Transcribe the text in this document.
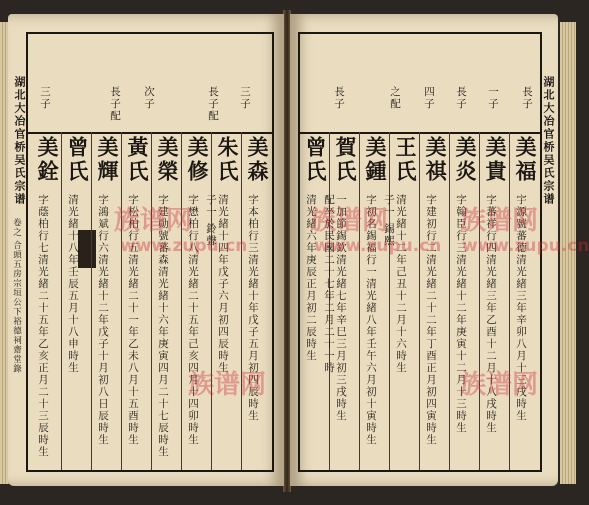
湖北大冶官桥吴氏宗谱
卷之 合頭五房宗垣公下裕德祠齋堂錄
三子
長子配
次子
長子配
三子
美森
朱氏
美修
美榮
黃氏
美輝
曾氏
美銓
字本柏行三清光緒十年戊子五月初四辰時生
清光緒十四年戊子六月初四辰時生
子一 鈴聲
字懋柏行八清光緒二十五年己亥四月十四卯時生
字建勛號蕃森清光緒十六年庚寅四月二十七辰時生
字松柏行五清光緒二十一年乙未八月十五酉時生
字鴻斌行六清光緒十二年戊子十月初八日辰時生
清光緒十八年壬辰五月十八申時生
字蔭柏行七清光緒二十五年乙亥正月二十三辰時生	族谱网
www.zupu.cn
族谱网
湖北大冶官桥吴氏宗谱
長子
一子
長子
四子
之配
長子
美福
美貴
美炎
美祺
王氏
美鍾
賀氏
曾氏
宇源號蕃德清光緒三年辛卯八月十三戌時生
字蕃祥行四清光緒三年乙酉十二月十八戌時生
字翰臣行三清光緒十二年庚寅十二月十三時生
字建初行二清光緒二十二年丁酉正月初四寅時生
清光緒十二年己丑十二月十六時生
子一 錫熙
字初名錫福行一清光緒八年壬午六月初十寅時生
一加節錫欽清光緒七年辛巳三月初三戌時生
配卒於民國二十七年二月二十一時
清光緒六年庚辰正月初二辰時生
族谱网
www.zupu.cn
族谱网
www.zupu.cn
族谱网
